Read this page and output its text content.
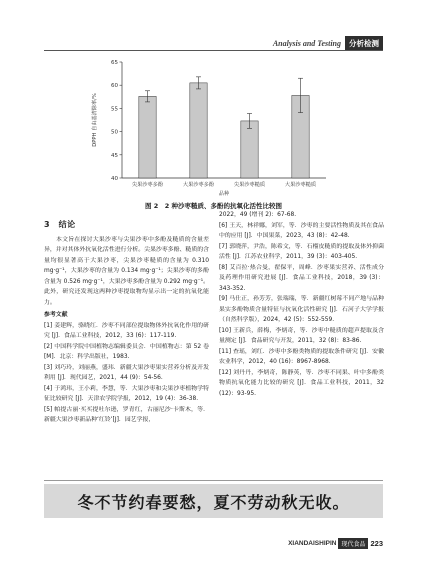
Analysis and Testing	分析检测
40
45
50
55
60
65
DPPH 自由基清除率/%
尖果沙枣多酚	大果沙枣多酚	尖果沙枣糙质	大果沙枣糙质
品种
图 2　2 种沙枣糙质、多酚的抗氧化活性比较图
3　结论

本文旨在探讨大果沙枣与尖果沙枣中多酚及糙质的含量差异，并对其体外抗氧化活性进行分析。尖果沙枣多酚、糙质的含量均很显著高于大果沙枣，尖果沙枣糙质的含量为 0.310 mg·g⁻¹，大果沙枣的含量为 0.134 mg·g⁻¹；尖果沙枣的多酚含量为 0.526 mg·g⁻¹，大果沙枣多酚含量为 0.292 mg·g⁻¹。此外，研究还发现这两种沙枣提取物均显示出一定的抗氧化能力。

参考文献

[1] 姜建辉，骆晓红．沙枣不同部位提取物体外抗氧化作用的研究 [J]．食品工业科技，2012，33 (6)：117-119.

[2] 中国科学院中国植物志编辑委员会．中国植物志：第 52 卷 [M]．北京：科学出版社，1983.

[3] 刘巧玲，刘丽燕，盛玮．新疆大果沙枣果实营养分析及开发利用 [J]．现代园艺，2021，44 (9)：54-56.

[4] 于鸿玮，王小莉，李慧，等．大果沙枣和尖果沙枣植物学特征比较研究 [J]．天津农学院学报，2012，19 (4)：36-38.

[5] 帕提古丽·买买提吐尔逊，罗青红，古丽尼沙·卡斯木，等．新疆大果沙枣新品种‘红铃’[J]．园艺学报，

2022，49 (增刊 2)：67-68.

[6] 王天，林祥娜，刘军，等．沙枣的主要活性物质及其在食品中的应用 [J]．中国果菜，2023，43 (8)：42-48.

[7] 郭晓萍，尹浩，陈希文，等．石榴皮糙质的提取及体外抑菌活性 [J]．江苏农业科学，2011，39 (3)：403-405.

[8] 艾百拉·热合曼，翟保平，周峰．沙枣果实营养、活性成分及药理作用研究进展 [J]．食品工业科技，2018，39 (3)：343-352.

[9] 马仕正，孙芳芳，张瑞瑞，等．新疆红树莓不同产地与品种果实多酚物质含量特征与抗氧化活性研究 [J]．石河子大学学报（自然科学版），2024，42 (5)：552-559.

[10] 王新兵，薛梅，李炳奇，等．沙枣中糙质的超声提取及含量测定 [J]．食品研究与开发，2011，32 (8)：83-86.

[11] 查瑶，刘红．沙枣中多酚类物质的提取条件研究 [J]．安徽农业科学，2012，40 (16)：8967-8968.

[12] 刘丹丹，李炳奇，陈静英，等．沙枣不同果、叶中多酚类物质抗氧化能力比较的研究 [J]．食品工业科技，2011，32 (12)：93-95.

冬不节约春要愁，夏不劳动秋无收。
XIANDAISHIPIN 现代食品 223
